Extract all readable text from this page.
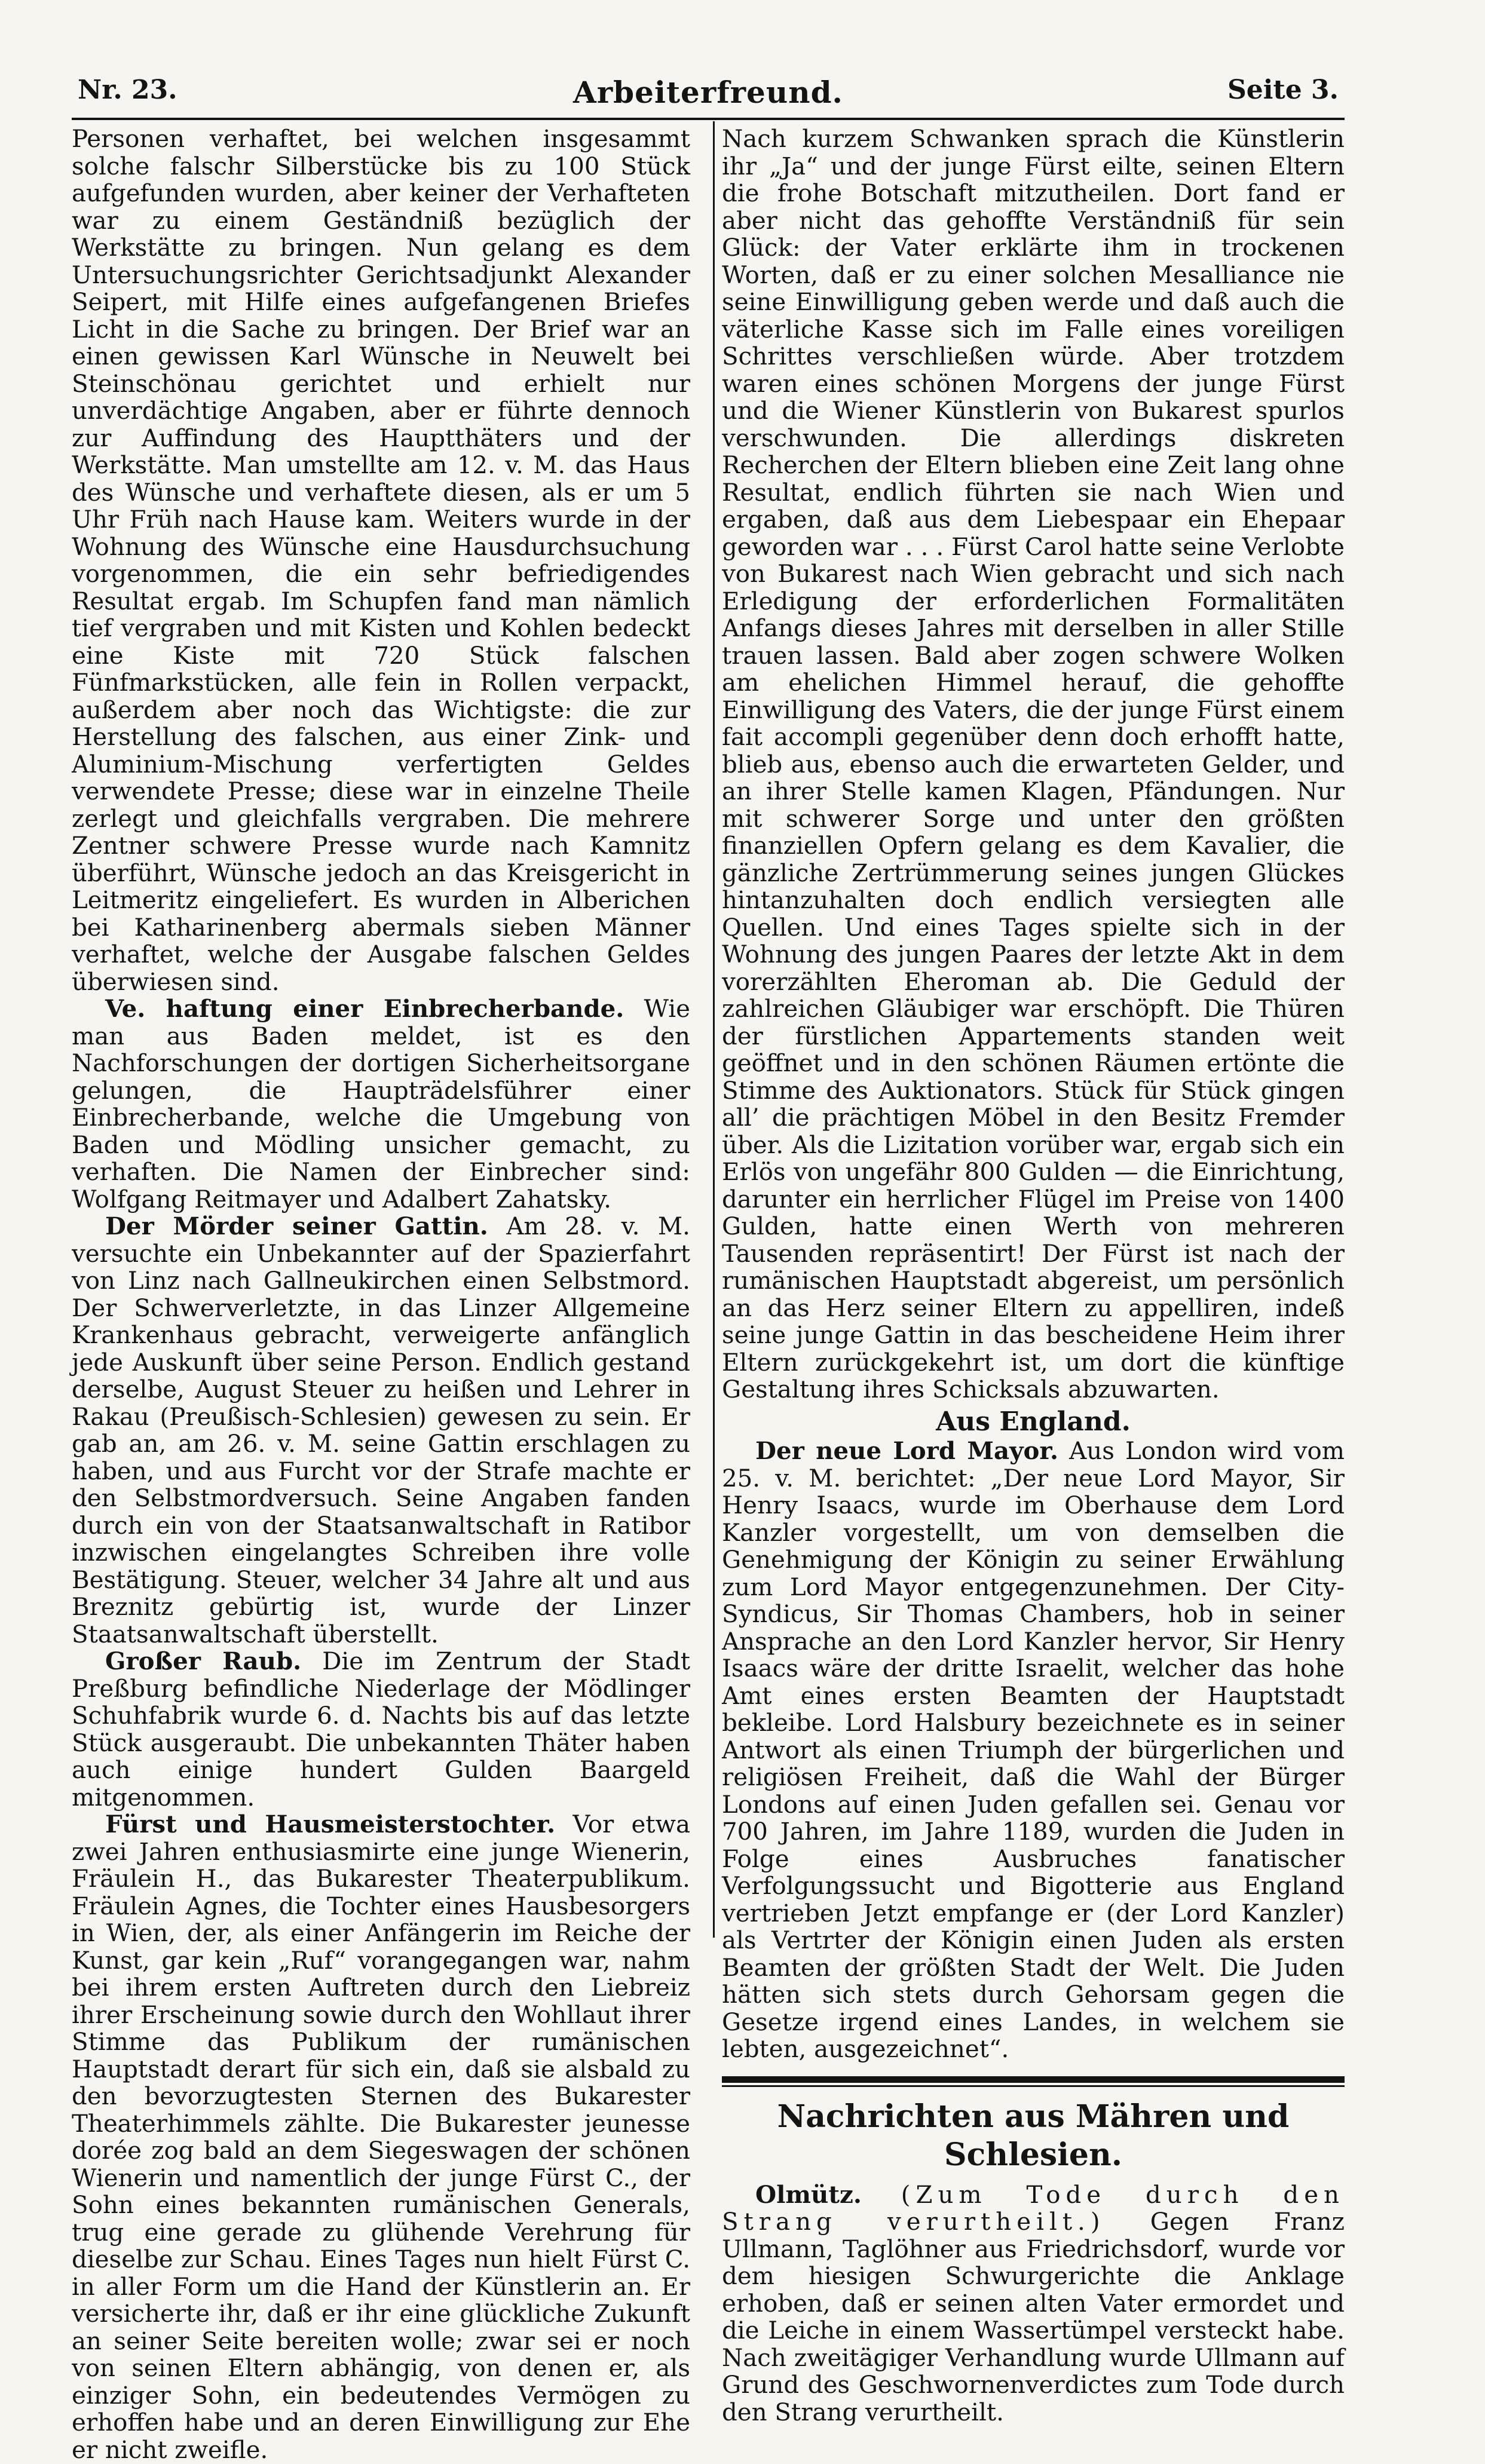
Arbeiterfreund.
Nr. 23.	Seite 3.

Personen verhaftet, bei welchen insgesammt solche falschr Silberstücke bis zu 100 Stück aufgefunden wurden, aber keiner der Verhafteten war zu einem Geständniß bezüglich der Werkstätte zu bringen. Nun gelang es dem Untersuchungsrichter Gerichtsadjunkt Alexander Seipert, mit Hilfe eines aufgefangenen Briefes Licht in die Sache zu bringen. Der Brief war an einen gewissen Karl Wünsche in Neuwelt bei Steinschönau gerichtet und erhielt nur unverdächtige Angaben, aber er führte dennoch zur Auffindung des Hauptthäters und der Werkstätte. Man umstellte am 12. v. M. das Haus des Wünsche und verhaftete diesen, als er um 5 Uhr Früh nach Hause kam. Weiters wurde in der Wohnung des Wünsche eine Hausdurchsuchung vorgenommen, die ein sehr befriedigendes Resultat ergab. Im Schupfen fand man nämlich tief vergraben und mit Kisten und Kohlen bedeckt eine Kiste mit 720 Stück falschen Fünfmarkstücken, alle fein in Rollen verpackt, außerdem aber noch das Wichtigste: die zur Herstellung des falschen, aus einer Zink- und Aluminium-Mischung verfertigten Geldes verwendete Presse; diese war in einzelne Theile zerlegt und gleichfalls vergraben. Die mehrere Zentner schwere Presse wurde nach Kamnitz überführt, Wünsche jedoch an das Kreisgericht in Leitmeritz eingeliefert. Es wurden in Alberichen bei Katharinenberg abermals sieben Männer verhaftet, welche der Ausgabe falschen Geldes überwiesen sind.

Ve. haftung einer Einbrecherbande. Wie man aus Baden meldet, ist es den Nachforschungen der dortigen Sicherheitsorgane gelungen, die Haupträdelsführer einer Einbrecherbande, welche die Umgebung von Baden und Mödling unsicher gemacht, zu verhaften. Die Namen der Einbrecher sind: Wolfgang Reitmayer und Adalbert Zahatsky.

Der Mörder seiner Gattin. Am 28. v. M. versuchte ein Unbekannter auf der Spazierfahrt von Linz nach Gallneukirchen einen Selbstmord. Der Schwerverletzte, in das Linzer Allgemeine Krankenhaus gebracht, verweigerte anfänglich jede Auskunft über seine Person. Endlich gestand derselbe, August Steuer zu heißen und Lehrer in Rakau (Preußisch-Schlesien) gewesen zu sein. Er gab an, am 26. v. M. seine Gattin erschlagen zu haben, und aus Furcht vor der Strafe machte er den Selbstmordversuch. Seine Angaben fanden durch ein von der Staatsanwaltschaft in Ratibor inzwischen eingelangtes Schreiben ihre volle Bestätigung. Steuer, welcher 34 Jahre alt und aus Breznitz gebürtig ist, wurde der Linzer Staatsanwaltschaft überstellt.

Großer Raub. Die im Zentrum der Stadt Preßburg befindliche Niederlage der Mödlinger Schuhfabrik wurde 6. d. Nachts bis auf das letzte Stück ausgeraubt. Die unbekannten Thäter haben auch einige hundert Gulden Baargeld mitgenommen.

Fürst und Hausmeisterstochter. Vor etwa zwei Jahren enthusiasmirte eine junge Wienerin, Fräulein H., das Bukarester Theaterpublikum. Fräulein Agnes, die Tochter eines Hausbesorgers in Wien, der, als einer Anfängerin im Reiche der Kunst, gar kein „Ruf“ vorangegangen war, nahm bei ihrem ersten Auftreten durch den Liebreiz ihrer Erscheinung sowie durch den Wohllaut ihrer Stimme das Publikum der rumänischen Hauptstadt derart für sich ein, daß sie alsbald zu den bevorzugtesten Sternen des Bukarester Theaterhimmels zählte. Die Bukarester jeunesse dorée zog bald an dem Siegeswagen der schönen Wienerin und namentlich der junge Fürst C., der Sohn eines bekannten rumänischen Generals, trug eine gerade zu glühende Verehrung für dieselbe zur Schau. Eines Tages nun hielt Fürst C. in aller Form um die Hand der Künstlerin an. Er versicherte ihr, daß er ihr eine glückliche Zukunft an seiner Seite bereiten wolle; zwar sei er noch von seinen Eltern abhängig, von denen er, als einziger Sohn, ein bedeutendes Vermögen zu erhoffen habe und an deren Einwilligung zur Ehe er nicht zweifle.

Nach kurzem Schwanken sprach die Künstlerin ihr „Ja“ und der junge Fürst eilte, seinen Eltern die frohe Botschaft mitzutheilen. Dort fand er aber nicht das gehoffte Verständniß für sein Glück: der Vater erklärte ihm in trockenen Worten, daß er zu einer solchen Mesalliance nie seine Einwilligung geben werde und daß auch die väterliche Kasse sich im Falle eines voreiligen Schrittes verschließen würde. Aber trotzdem waren eines schönen Morgens der junge Fürst und die Wiener Künstlerin von Bukarest spurlos verschwunden. Die allerdings diskreten Recherchen der Eltern blieben eine Zeit lang ohne Resultat, endlich führten sie nach Wien und ergaben, daß aus dem Liebespaar ein Ehepaar geworden war . . . Fürst Carol hatte seine Verlobte von Bukarest nach Wien gebracht und sich nach Erledigung der erforderlichen Formalitäten Anfangs dieses Jahres mit derselben in aller Stille trauen lassen. Bald aber zogen schwere Wolken am ehelichen Himmel herauf, die gehoffte Einwilligung des Vaters, die der junge Fürst einem fait accompli gegenüber denn doch erhofft hatte, blieb aus, ebenso auch die erwarteten Gelder, und an ihrer Stelle kamen Klagen, Pfändungen. Nur mit schwerer Sorge und unter den größten finanziellen Opfern gelang es dem Kavalier, die gänzliche Zertrümmerung seines jungen Glückes hintanzuhalten doch endlich versiegten alle Quellen. Und eines Tages spielte sich in der Wohnung des jungen Paares der letzte Akt in dem vorerzählten Eheroman ab. Die Geduld der zahlreichen Gläubiger war erschöpft. Die Thüren der fürstlichen Appartements standen weit geöffnet und in den schönen Räumen ertönte die Stimme des Auktionators. Stück für Stück gingen all’ die prächtigen Möbel in den Besitz Fremder über. Als die Lizitation vorüber war, ergab sich ein Erlös von ungefähr 800 Gulden — die Einrichtung, darunter ein herrlicher Flügel im Preise von 1400 Gulden, hatte einen Werth von mehreren Tausenden repräsentirt! Der Fürst ist nach der rumänischen Hauptstadt abgereist, um persönlich an das Herz seiner Eltern zu appelliren, indeß seine junge Gattin in das bescheidene Heim ihrer Eltern zurückgekehrt ist, um dort die künftige Gestaltung ihres Schicksals abzuwarten.

Aus England.

Der neue Lord Mayor. Aus London wird vom 25. v. M. berichtet: „Der neue Lord Mayor, Sir Henry Isaacs, wurde im Oberhause dem Lord Kanzler vorgestellt, um von demselben die Genehmigung der Königin zu seiner Erwählung zum Lord Mayor entgegenzunehmen. Der City-Syndicus, Sir Thomas Chambers, hob in seiner Ansprache an den Lord Kanzler hervor, Sir Henry Isaacs wäre der dritte Israelit, welcher das hohe Amt eines ersten Beamten der Hauptstadt bekleibe. Lord Halsbury bezeichnete es in seiner Antwort als einen Triumph der bürgerlichen und religiösen Freiheit, daß die Wahl der Bürger Londons auf einen Juden gefallen sei. Genau vor 700 Jahren, im Jahre 1189, wurden die Juden in Folge eines Ausbruches fanatischer Verfolgungssucht und Bigotterie aus England vertrieben Jetzt empfange er (der Lord Kanzler) als Vertrter der Königin einen Juden als ersten Beamten der größten Stadt der Welt. Die Juden hätten sich stets durch Gehorsam gegen die Gesetze irgend eines Landes, in welchem sie lebten, ausgezeichnet“.

Nachrichten aus Mähren und Schlesien.

Olmütz. (Zum Tode durch den Strang verurtheilt.) Gegen Franz Ullmann, Taglöhner aus Friedrichsdorf, wurde vor dem hiesigen Schwurgerichte die Anklage erhoben, daß er seinen alten Vater ermordet und die Leiche in einem Wassertümpel versteckt habe. Nach zweitägiger Verhandlung wurde Ullmann auf Grund des Geschwornenverdictes zum Tode durch den Strang verurtheilt.
